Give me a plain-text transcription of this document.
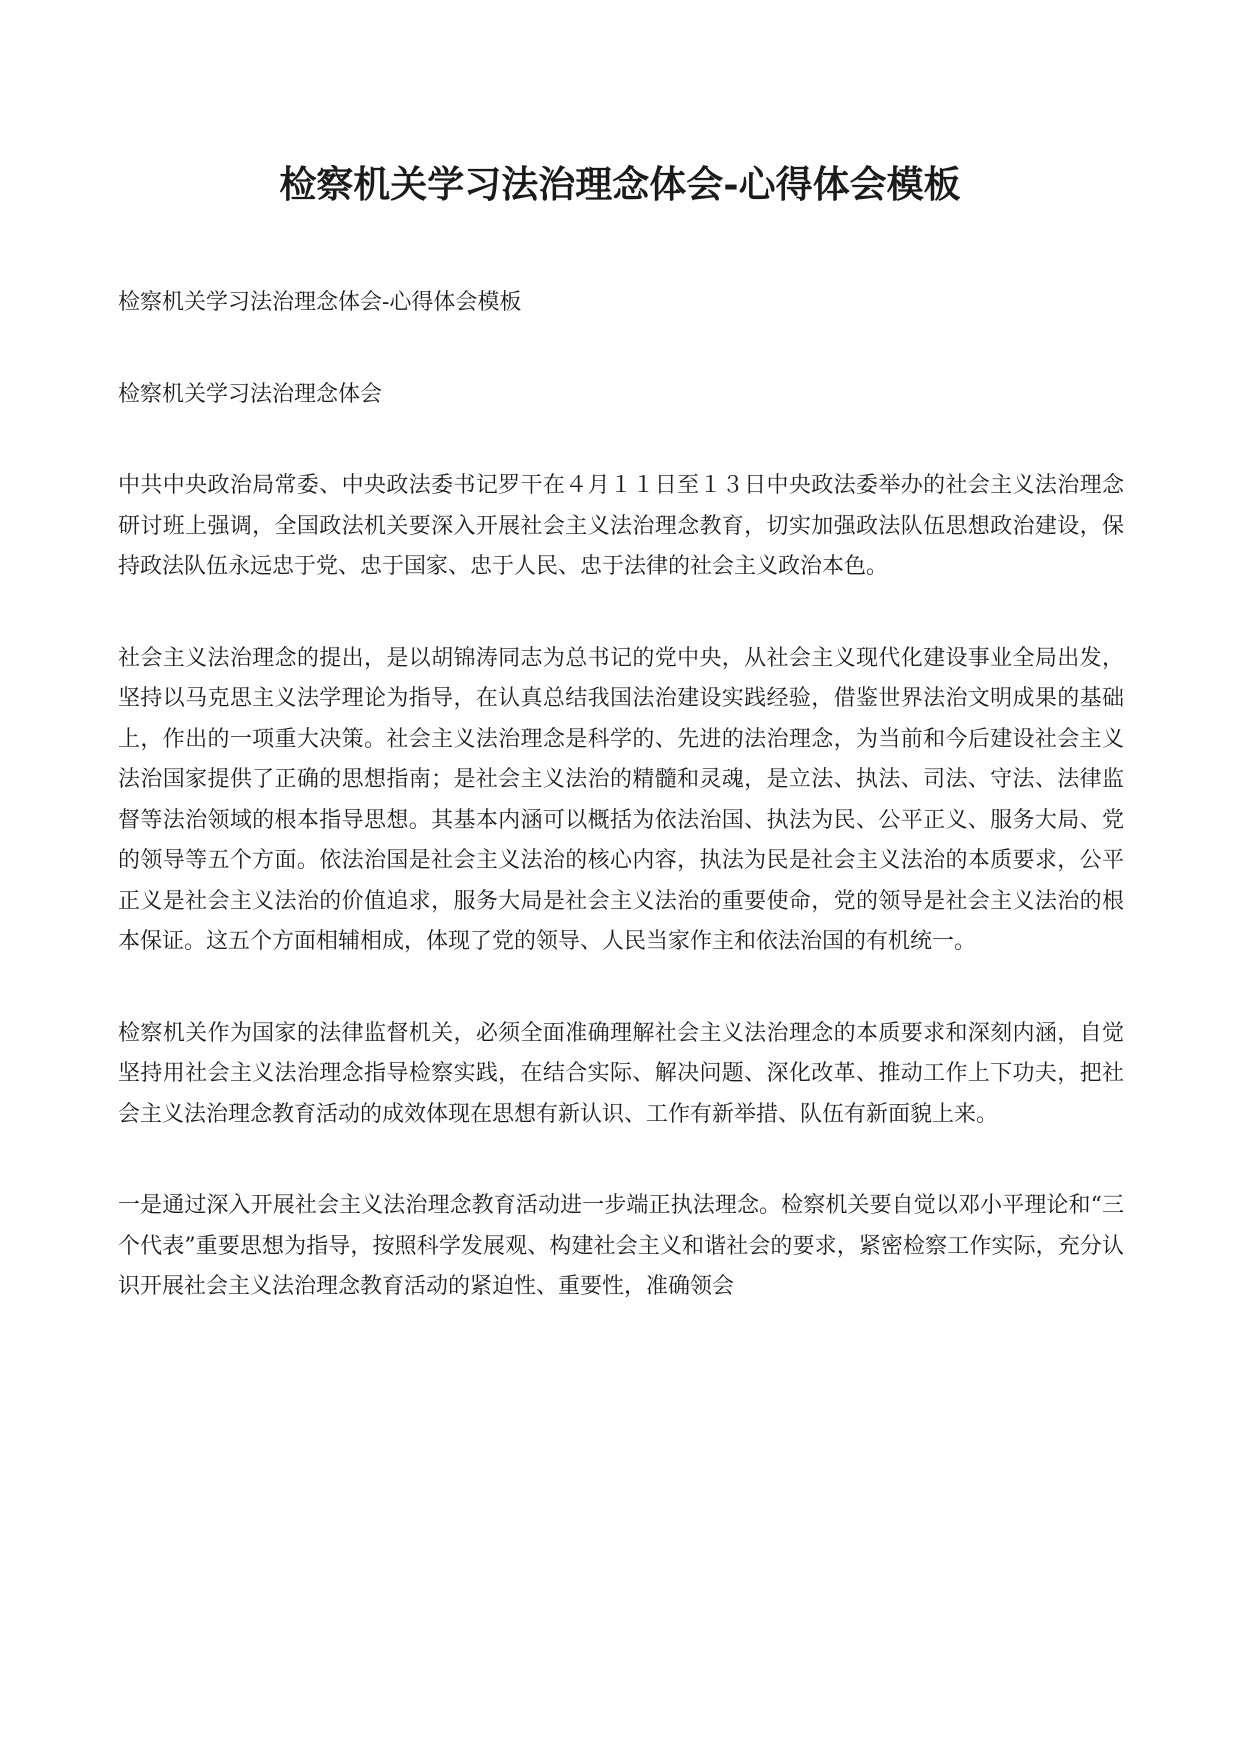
检察机关学习法治理念体会-心得体会模板

检察机关学习法治理念体会-心得体会模板

检察机关学习法治理念体会

中共中央政治局常委、中央政法委书记罗干在４月１１日至１３日中央政法委举办的社会主义法治理念研讨班上强调，全国政法机关要深入开展社会主义法治理念教育，切实加强政法队伍思想政治建设，保持政法队伍永远忠于党、忠于国家、忠于人民、忠于法律的社会主义政治本色。

社会主义法治理念的提出，是以胡锦涛同志为总书记的党中央，从社会主义现代化建设事业全局出发，坚持以马克思主义法学理论为指导，在认真总结我国法治建设实践经验，借鉴世界法治文明成果的基础上，作出的一项重大决策。社会主义法治理念是科学的、先进的法治理念，为当前和今后建设社会主义法治国家提供了正确的思想指南；是社会主义法治的精髓和灵魂，是立法、执法、司法、守法、法律监督等法治领域的根本指导思想。其基本内涵可以概括为依法治国、执法为民、公平正义、服务大局、党的领导等五个方面。依法治国是社会主义法治的核心内容，执法为民是社会主义法治的本质要求，公平正义是社会主义法治的价值追求，服务大局是社会主义法治的重要使命，党的领导是社会主义法治的根本保证。这五个方面相辅相成，体现了党的领导、人民当家作主和依法治国的有机统一。

检察机关作为国家的法律监督机关，必须全面准确理解社会主义法治理念的本质要求和深刻内涵，自觉坚持用社会主义法治理念指导检察实践，在结合实际、解决问题、深化改革、推动工作上下功夫，把社会主义法治理念教育活动的成效体现在思想有新认识、工作有新举措、队伍有新面貌上来。

一是通过深入开展社会主义法治理念教育活动进一步端正执法理念。检察机关要自觉以邓小平理论和“三个代表”重要思想为指导，按照科学发展观、构建社会主义和谐社会的要求，紧密检察工作实际，充分认识开展社会主义法治理念教育活动的紧迫性、重要性，准确领会
